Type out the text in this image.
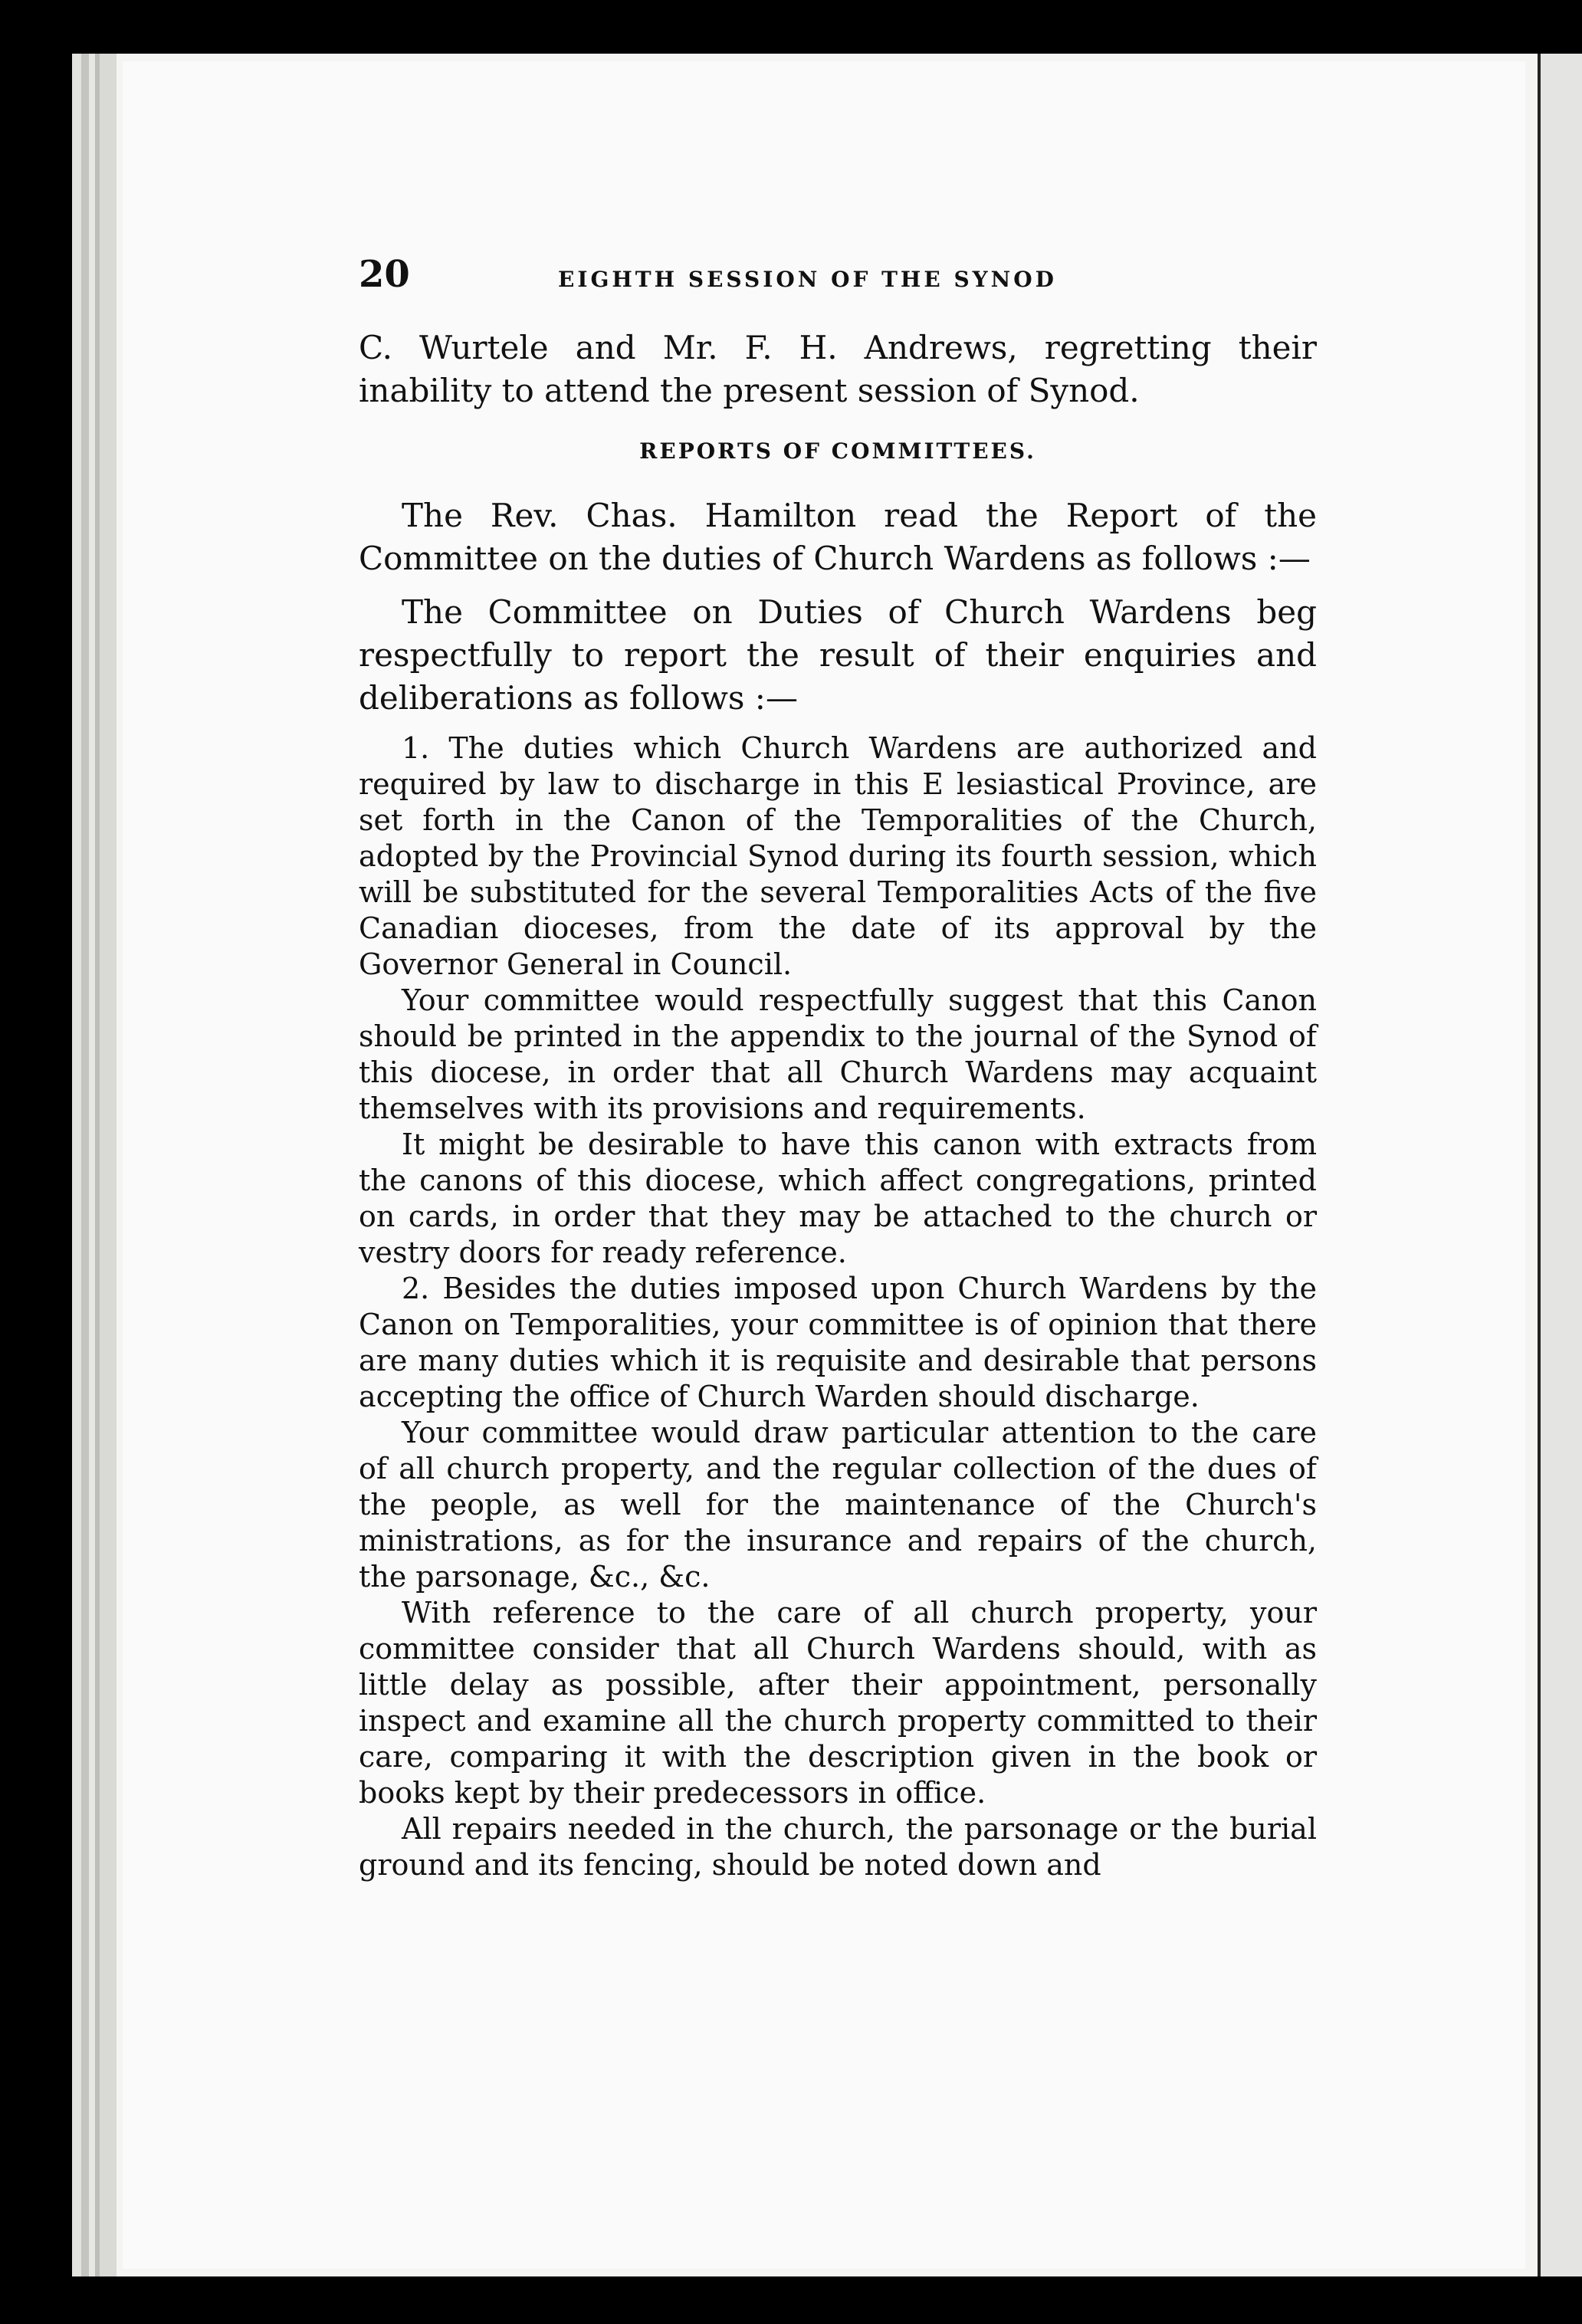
20	EIGHTH SESSION OF THE SYNOD

C. Wurtele and Mr. F. H. Andrews, regretting their inability to attend the present session of Synod.

REPORTS OF COMMITTEES.

The Rev. Chas. Hamilton read the Report of the Committee on the duties of Church Wardens as follows :—

The Committee on Duties of Church Wardens beg respectfully to report the result of their enquiries and deliberations as follows :—

1. The duties which Church Wardens are authorized and required by law to discharge in this E lesiastical Province, are set forth in the Canon of the Temporalities of the Church, adopted by the Provincial Synod during its fourth session, which will be substituted for the several Temporalities Acts of the five Canadian dioceses, from the date of its approval by the Governor General in Council.

Your committee would respectfully suggest that this Canon should be printed in the appendix to the journal of the Synod of this diocese, in order that all Church Wardens may acquaint themselves with its provisions and requirements.

It might be desirable to have this canon with extracts from the canons of this diocese, which affect congregations, printed on cards, in order that they may be attached to the church or vestry doors for ready reference.

2. Besides the duties imposed upon Church Wardens by the Canon on Temporalities, your committee is of opinion that there are many duties which it is requisite and desirable that persons accepting the office of Church Warden should discharge.

Your committee would draw particular attention to the care of all church property, and the regular collection of the dues of the people, as well for the maintenance of the Church's ministrations, as for the insurance and repairs of the church, the parsonage, &c., &c.

With reference to the care of all church property, your committee consider that all Church Wardens should, with as little delay as possible, after their appointment, personally inspect and examine all the church property committed to their care, comparing it with the description given in the book or books kept by their predecessors in office.

All repairs needed in the church, the parsonage or the burial ground and its fencing, should be noted down and
